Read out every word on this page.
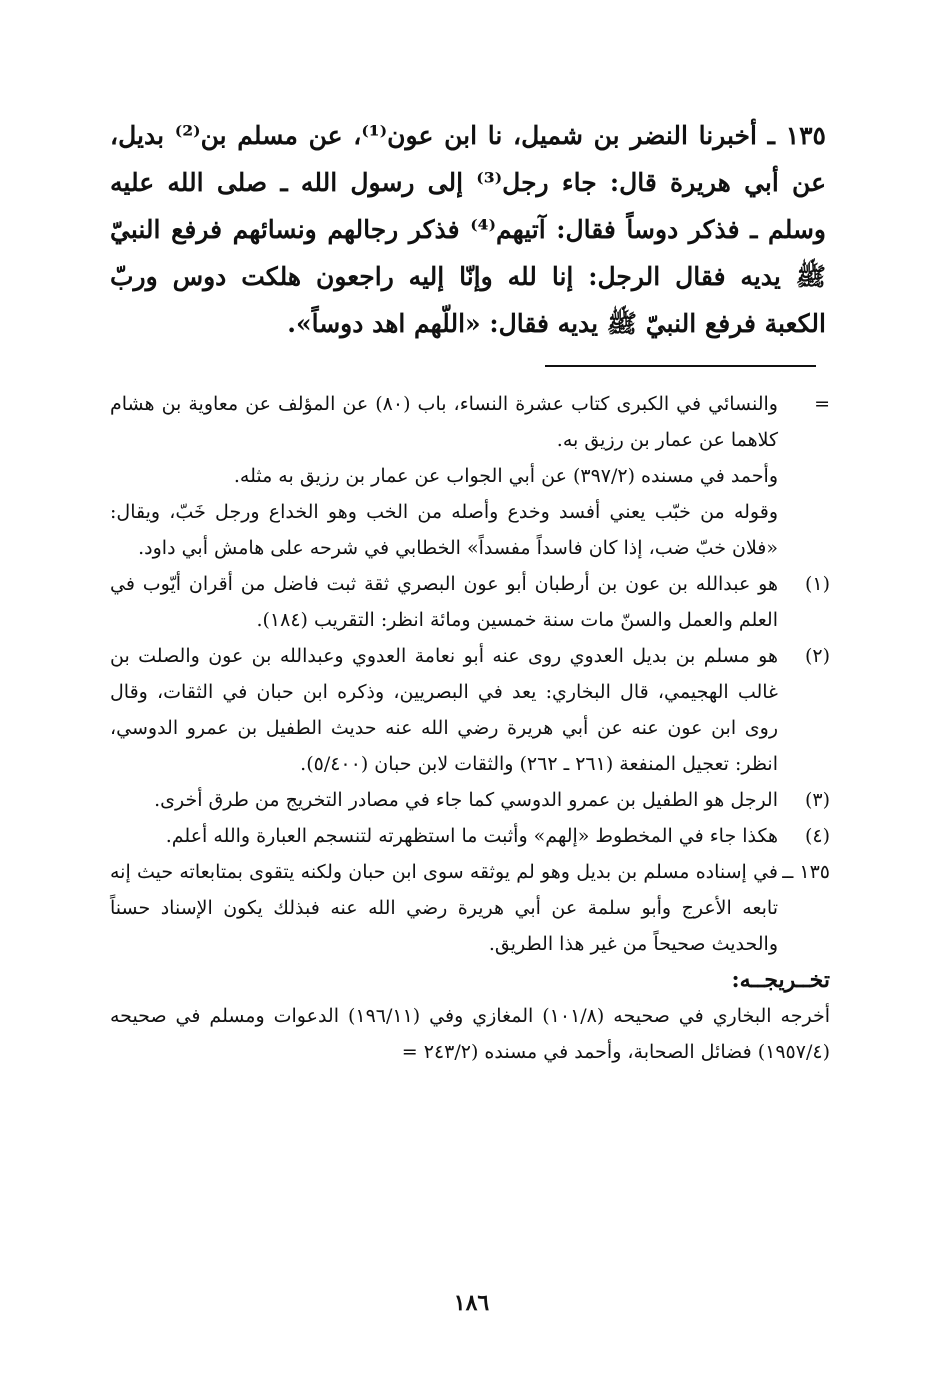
١٣٥ ـ أخبرنا النضر بن شميل، نا ابن عون⁽¹⁾، عن مسلم بن⁽²⁾ بديل، عن أبي هريرة قال: جاء رجل⁽³⁾ إلى رسول الله ـ صلى الله عليه وسلم ـ فذكر دوساً فقال: آتيهم⁽⁴⁾ فذكر رجالهم ونسائهم فرفع النبيّ ﷺ يديه فقال الرجل: إنا لله وإنّا إليه راجعون هلكت دوس وربّ الكعبة فرفع النبيّ ﷺ يديه فقال: «اللّهم اهد دوساً».

=
والنسائي في الكبرى كتاب عشرة النساء، باب (٨٠) عن المؤلف عن معاوية بن هشام كلاهما عن عمار بن رزيق به.
وأحمد في مسنده (٣٩٧/٢) عن أبي الجواب عن عمار بن رزيق به مثله.
وقوله من خبّب يعني أفسد وخدع وأصله من الخب وهو الخداع ورجل خَبّ، ويقال: «فلان خبّ ضب، إذا كان فاسداً مفسداً» الخطابي في شرحه على هامش أبي داود.
(١)
هو عبدالله بن عون بن أرطبان أبو عون البصري ثقة ثبت فاضل من أقران أيّوب في العلم والعمل والسنّ مات سنة خمسين ومائة انظر: التقريب (١٨٤).
(٢)
هو مسلم بن بديل العدوي روى عنه أبو نعامة العدوي وعبدالله بن عون والصلت بن غالب الهجيمي، قال البخاري: يعد في البصريين، وذكره ابن حبان في الثقات، وقال روى ابن عون عنه عن أبي هريرة رضي الله عنه حديث الطفيل بن عمرو الدوسي، انظر: تعجيل المنفعة (٢٦١ ـ ٢٦٢) والثقات لابن حبان (٥/٤٠٠).
(٣)
الرجل هو الطفيل بن عمرو الدوسي كما جاء في مصادر التخريج من طرق أخرى.
(٤)
هكذا جاء في المخطوط «إلهم» وأثبت ما استظهرته لتنسجم العبارة والله أعلم.
١٣٥ ــ
في إسناده مسلم بن بديل وهو لم يوثقه سوى ابن حبان ولكنه يتقوى بمتابعاته حيث إنه تابعه الأعرج وأبو سلمة عن أبي هريرة رضي الله عنه فبذلك يكون الإسناد حسناً والحديث صحيحاً من غير هذا الطريق.

تخــريجــه:

أخرجه البخاري في صحيحه (١٠١/٨) المغازي وفي (١٩٦/١١) الدعوات ومسلم في صحيحه (١٩٥٧/٤) فضائل الصحابة، وأحمد في مسنده (٢٤٣/٢ =

١٨٦
